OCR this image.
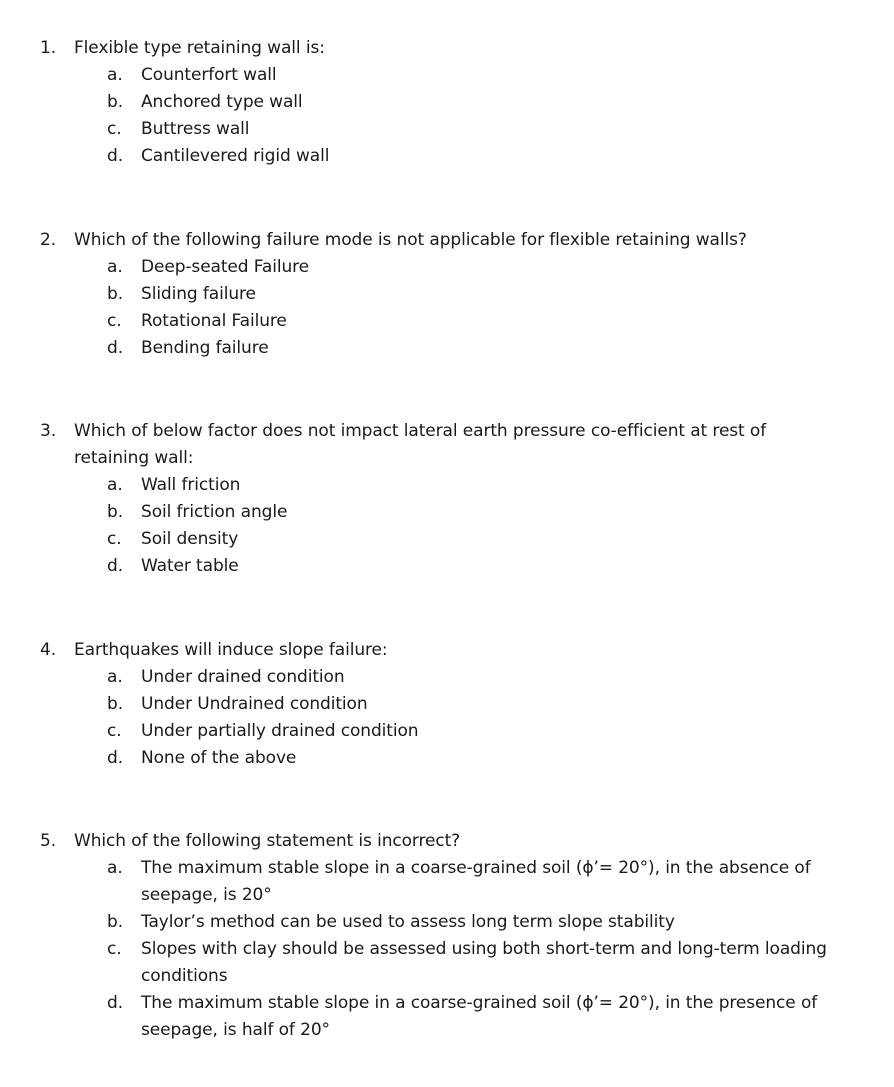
1.	Flexible type retaining wall is:
a.	Counterfort wall
b.	Anchored type wall
c.	Buttress wall
d.	Cantilevered rigid wall
2.	Which of the following failure mode is not applicable for flexible retaining walls?
a.	Deep-seated Failure
b.	Sliding failure
c.	Rotational Failure
d.	Bending failure
3.	Which of below factor does not impact lateral earth pressure co-efficient at rest of retaining wall:
a.	Wall friction
b.	Soil friction angle
c.	Soil density
d.	Water table
4.	Earthquakes will induce slope failure:
a.	Under drained condition
b.	Under Undrained condition
c.	Under partially drained condition
d.	None of the above
5.	Which of the following statement is incorrect?
a.	The maximum stable slope in a coarse-grained soil (ϕ’= 20°), in the absence of seepage, is 20°
b.	Taylor’s method can be used to assess long term slope stability
c.	Slopes with clay should be assessed using both short-term and long-term loading conditions
d.	The maximum stable slope in a coarse-grained soil (ϕ’= 20°), in the presence of seepage, is half of 20°
